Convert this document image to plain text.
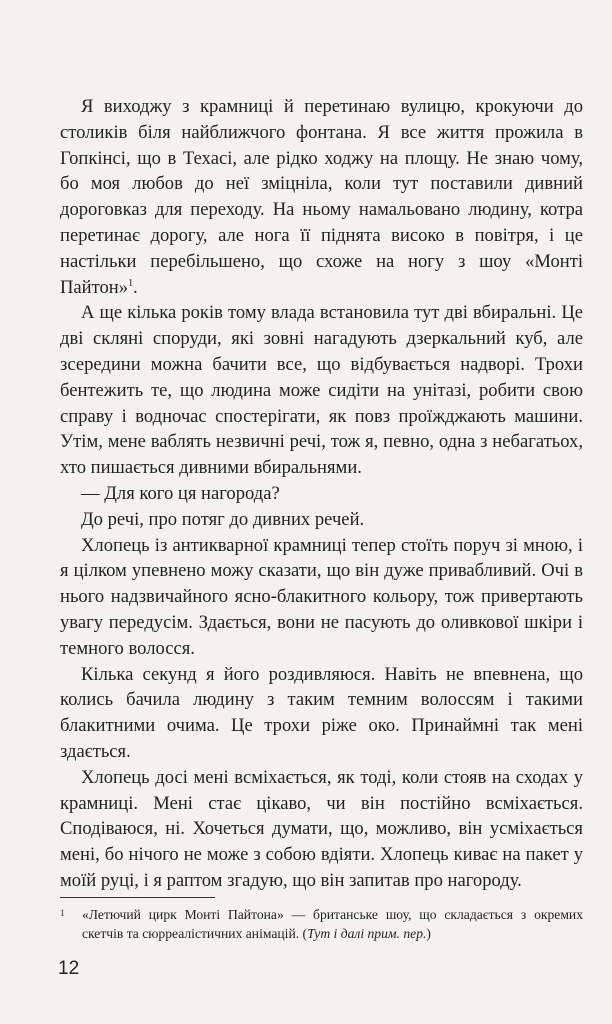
Я виходжу з крамниці й перетинаю вулицю, крокуючи до столиків біля найближчого фонтана. Я все життя прожила в Гопкінсі, що в Техасі, але рідко ходжу на площу. Не знаю чому, бо моя любов до неї зміцніла, коли тут поставили дивний дороговказ для переходу. На ньому намальовано людину, котра перетинає дорогу, але нога її піднята високо в повітря, і це настільки перебільшено, що схоже на ногу з шоу «Монті Пайтон»$^1$.

А ще кілька років тому влада встановила тут дві вбиральні. Це дві скляні споруди, які зовні нагадують дзеркальний куб, але зсередини можна бачити все, що відбувається надворі. Трохи бентежить те, що людина може сидіти на унітазі, робити свою справу і водночас спостерігати, як повз проїжджають машини. Утім, мене ваблять незвичні речі, тож я, певно, одна з небагатьох, хто пишається дивними вбиральнями.

— Для кого ця нагорода?

До речі, про потяг до дивних речей.

Хлопець із антикварної крамниці тепер стоїть поруч зі мною, і я цілком упевнено можу сказати, що він дуже привабливий. Очі в нього надзвичайного ясно-блакитного кольору, тож привертають увагу передусім. Здається, вони не пасують до оливкової шкіри і темного волосся.

Кілька секунд я його роздивляюся. Навіть не впевнена, що колись бачила людину з таким темним волоссям і такими блакитними очима. Це трохи ріже око. Принаймні так мені здається.

Хлопець досі мені всміхається, як тоді, коли стояв на сходах у крамниці. Мені стає цікаво, чи він постійно всміхається. Сподіваюся, ні. Хочеться думати, що, можливо, він усміхається мені, бо нічого не може з собою вдіяти. Хлопець киває на пакет у моїй руці, і я раптом згадую, що він запитав про нагороду.

1 «Летючий цирк Монті Пайтона» — британське шоу, що складається з окремих скетчів та сюрреалістичних анімацій. (Тут і далі прим. пер.)
12
